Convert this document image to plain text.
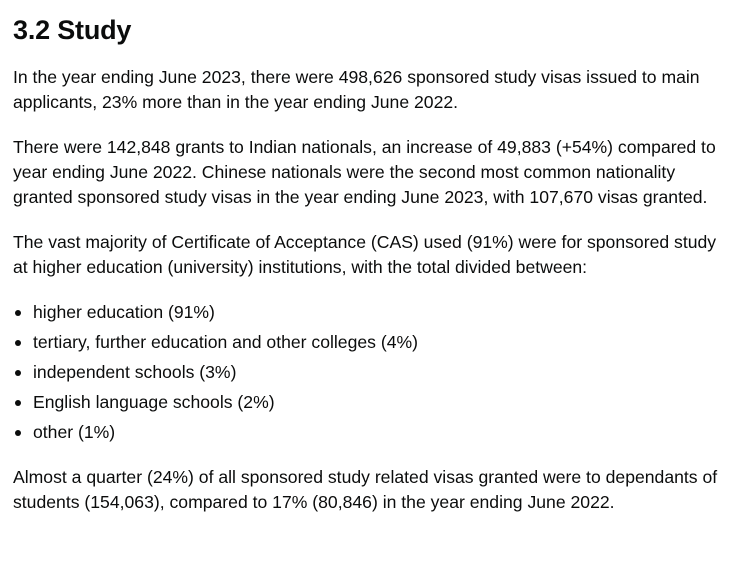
3.2 Study

In the year ending June 2023, there were 498,626 sponsored study visas issued to main applicants, 23% more than in the year ending June 2022.

There were 142,848 grants to Indian nationals, an increase of 49,883 (+54%) compared to year ending June 2022. Chinese nationals were the second most common nationality granted sponsored study visas in the year ending June 2023, with 107,670 visas granted.

The vast majority of Certificate of Acceptance (CAS) used (91%) were for sponsored study at higher education (university) institutions, with the total divided between:

higher education (91%)
tertiary, further education and other colleges (4%)
independent schools (3%)
English language schools (2%)
other (1%)

Almost a quarter (24%) of all sponsored study related visas granted were to dependants of students (154,063), compared to 17% (80,846) in the year ending June 2022.
